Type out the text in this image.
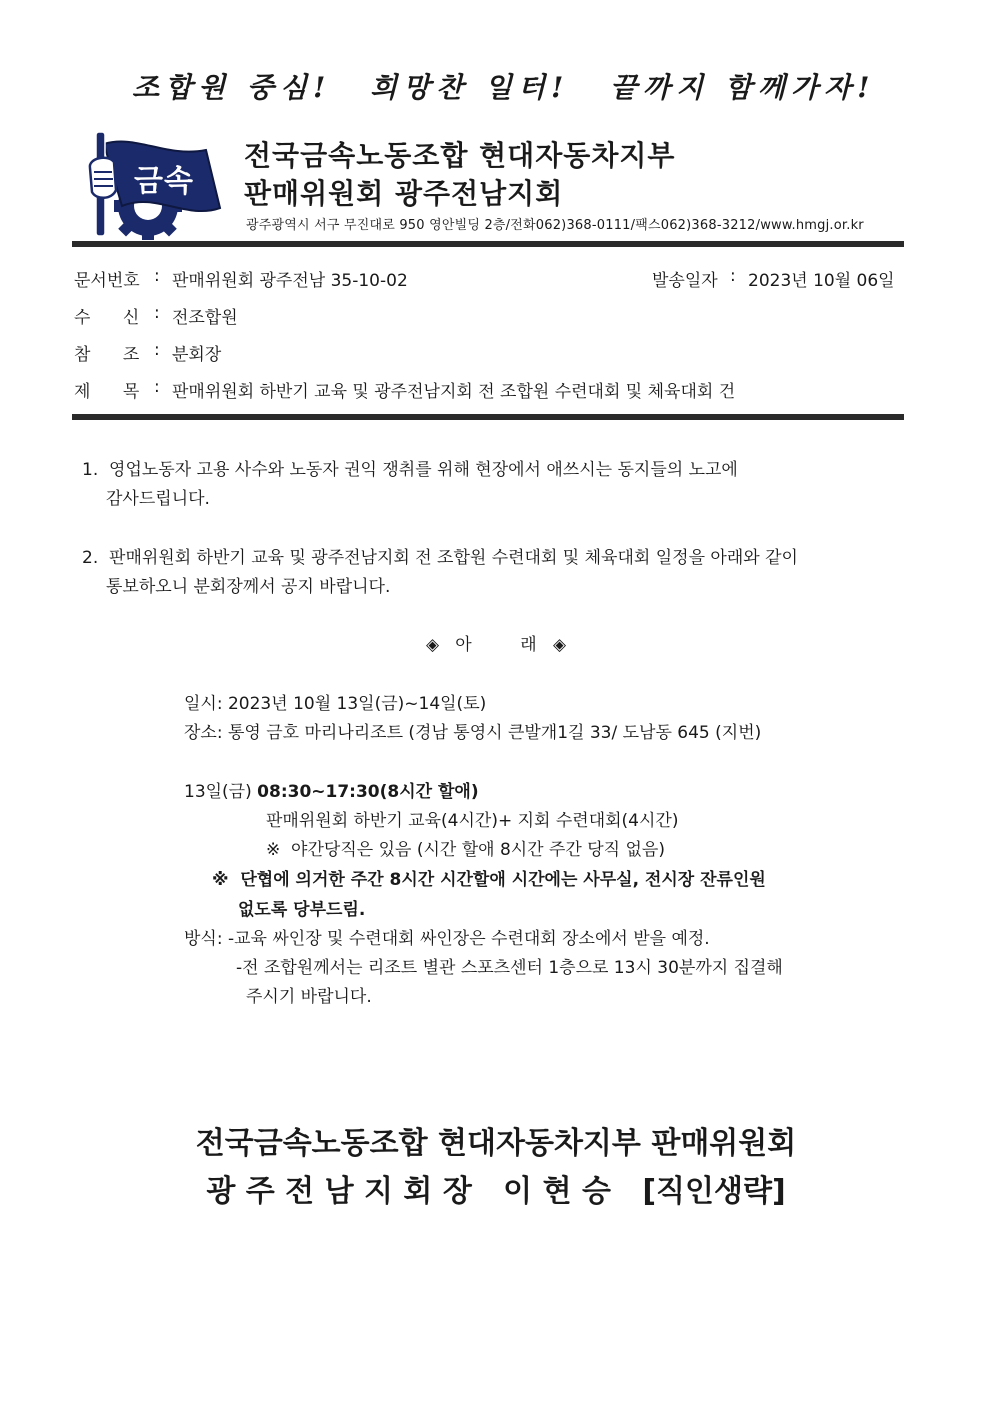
조합원 중심! 희망찬 일터! 끝까지 함께가자!
금속
전국금속노동조합 현대자동차지부
판매위원회 광주전남지회
광주광역시 서구 무진대로 950 영안빌딩 2층/전화062)368-0111/팩스062)368-3212/www.hmgj.or.kr
문서번호 : 판매위원회 광주전남 35-10-02	발송일자 : 2023년 10월 06일
수      신 : 전조합원
참      조 : 분회장
제      목 : 판매위원회 하반기 교육 및 광주전남지회 전 조합원 수련대회 및 체육대회 건
1.  영업노동자 고용 사수와 노동자 권익 쟁취를 위해 현장에서 애쓰시는 동지들의 노고에
감사드립니다.
2.  판매위원회 하반기 교육 및 광주전남지회 전 조합원 수련대회 및 체육대회 일정을 아래와 같이
통보하오니 분회장께서 공지 바랍니다.
◈   아         래   ◈
일시: 2023년 10월 13일(금)~14일(토)
장소: 통영 금호 마리나리조트 (경남 통영시 큰발개1길 33/ 도남동 645 (지번)
13일(금) 08:30~17:30(8시간 할애)
판매위원회 하반기 교육(4시간)+ 지회 수련대회(4시간)
※  야간당직은 있음 (시간 할애 8시간 주간 당직 없음)
※  단협에 의거한 주간 8시간 시간할애 시간에는 사무실, 전시장 잔류인원
없도록 당부드림.
방식: -교육 싸인장 및 수련대회 싸인장은 수련대회 장소에서 받을 예정.
-전 조합원께서는 리조트 별관 스포츠센터 1층으로 13시 30분까지 집결해
주시기 바랍니다.
전국금속노동조합 현대자동차지부 판매위원회
광 주 전 남 지 회 장   이 현 승   [직인생략]
